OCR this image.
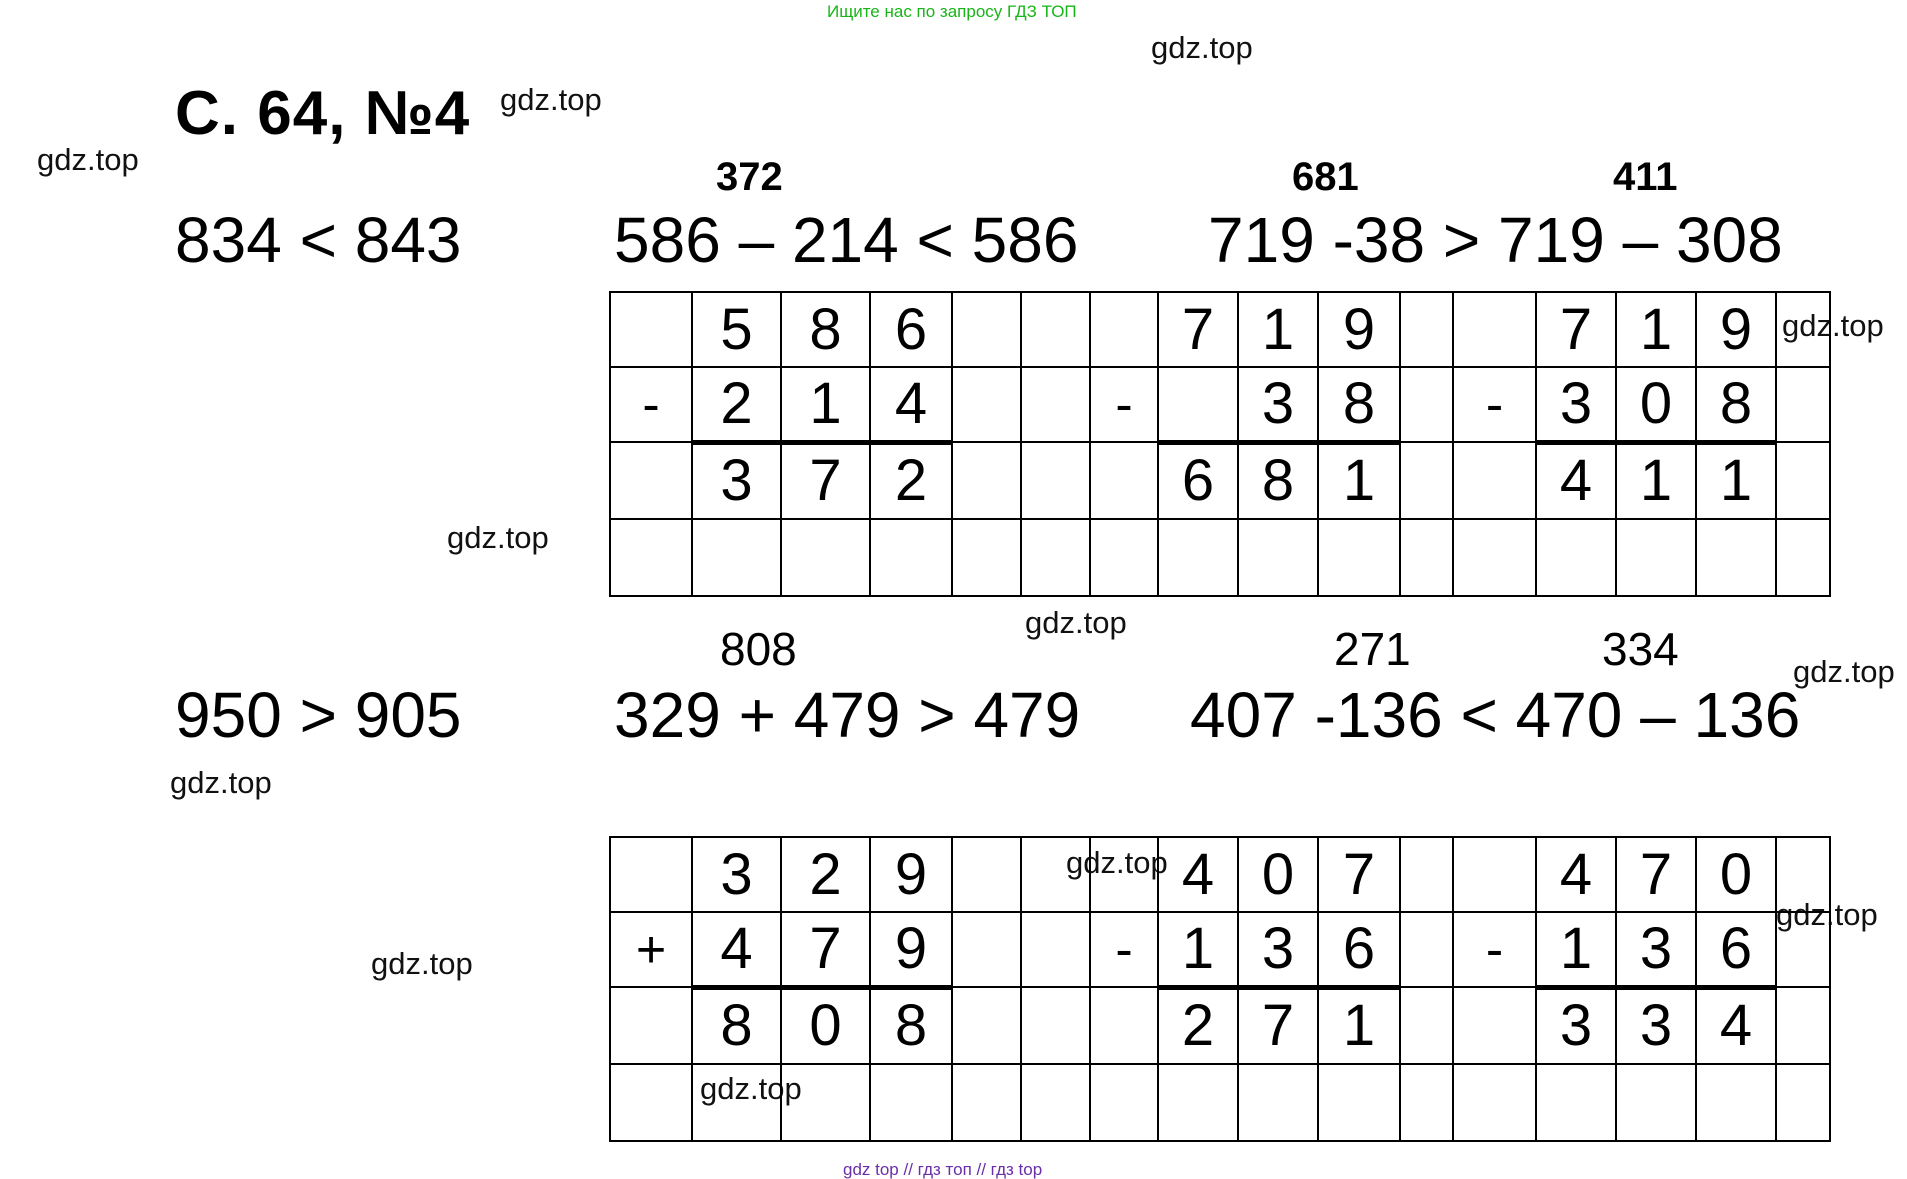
Ищите нас по запросу ГДЗ ТОП
gdz.top
gdz.top
gdz.top
gdz.top
gdz.top
gdz.top
gdz.top
gdz.top
gdz.top
gdz.top
gdz.top
gdz.top
С. 64, №4
372	681	411
834 < 843 586 – 214 < 586 719 -38 > 719 – 308
	5	8	6				7	1	9			7	1	9	
-	2	1	4			-		3	8		-	3	0	8	
	3	7	2				6	8	1			4	1	1	

808	271	334
950 > 905 329 + 479 > 479 407 -136 < 470 – 136
	3	2	9				4	0	7			4	7	0	
+	4	7	9			-	1	3	6		-	1	3	6	
	8	0	8				2	7	1			3	3	4	

gdz top // гдз топ // гдз top
